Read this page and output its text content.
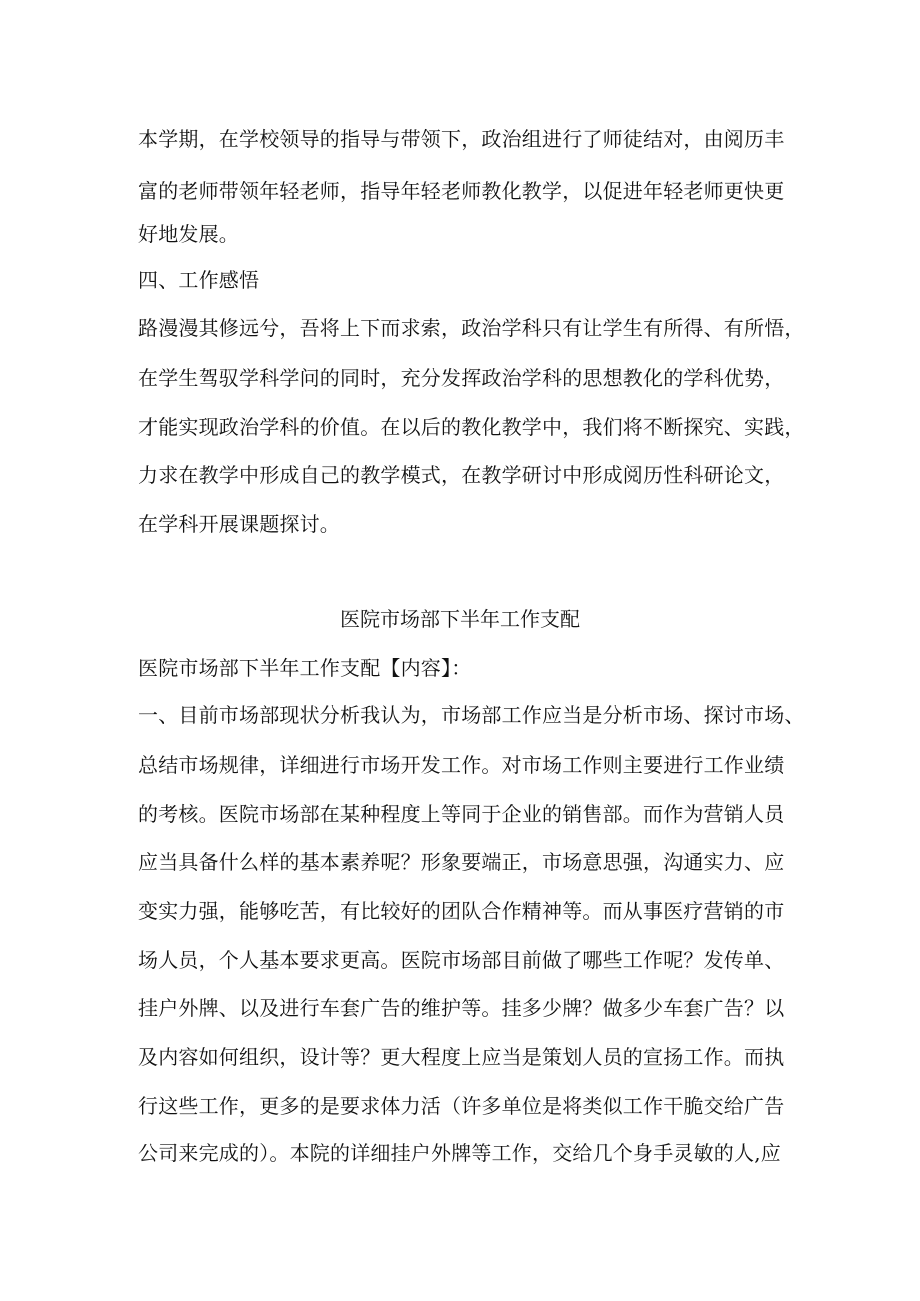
本学期，在学校领导的指导与带领下，政治组进行了师徒结对，由阅历丰
富的老师带领年轻老师，指导年轻老师教化教学，以促进年轻老师更快更
好地发展。
四、工作感悟
路漫漫其修远兮，吾将上下而求索，政治学科只有让学生有所得、有所悟，
在学生驾驭学科学问的同时，充分发挥政治学科的思想教化的学科优势，
才能实现政治学科的价值。在以后的教化教学中，我们将不断探究、实践，
力求在教学中形成自己的教学模式，在教学研讨中形成阅历性科研论文，
在学科开展课题探讨。
医院市场部下半年工作支配
医院市场部下半年工作支配【内容】：
一、目前市场部现状分析我认为，市场部工作应当是分析市场、探讨市场、
总结市场规律，详细进行市场开发工作。对市场工作则主要进行工作业绩
的考核。医院市场部在某种程度上等同于企业的销售部。而作为营销人员
应当具备什么样的基本素养呢？形象要端正，市场意思强，沟通实力、应
变实力强，能够吃苦，有比较好的团队合作精神等。而从事医疗营销的市
场人员，个人基本要求更高。医院市场部目前做了哪些工作呢？发传单、
挂户外牌、以及进行车套广告的维护等。挂多少牌？做多少车套广告？以
及内容如何组织，设计等？更大程度上应当是策划人员的宣扬工作。而执
行这些工作，更多的是要求体力活（许多单位是将类似工作干脆交给广告
公司来完成的）。本院的详细挂户外牌等工作，交给几个身手灵敏的人,应
